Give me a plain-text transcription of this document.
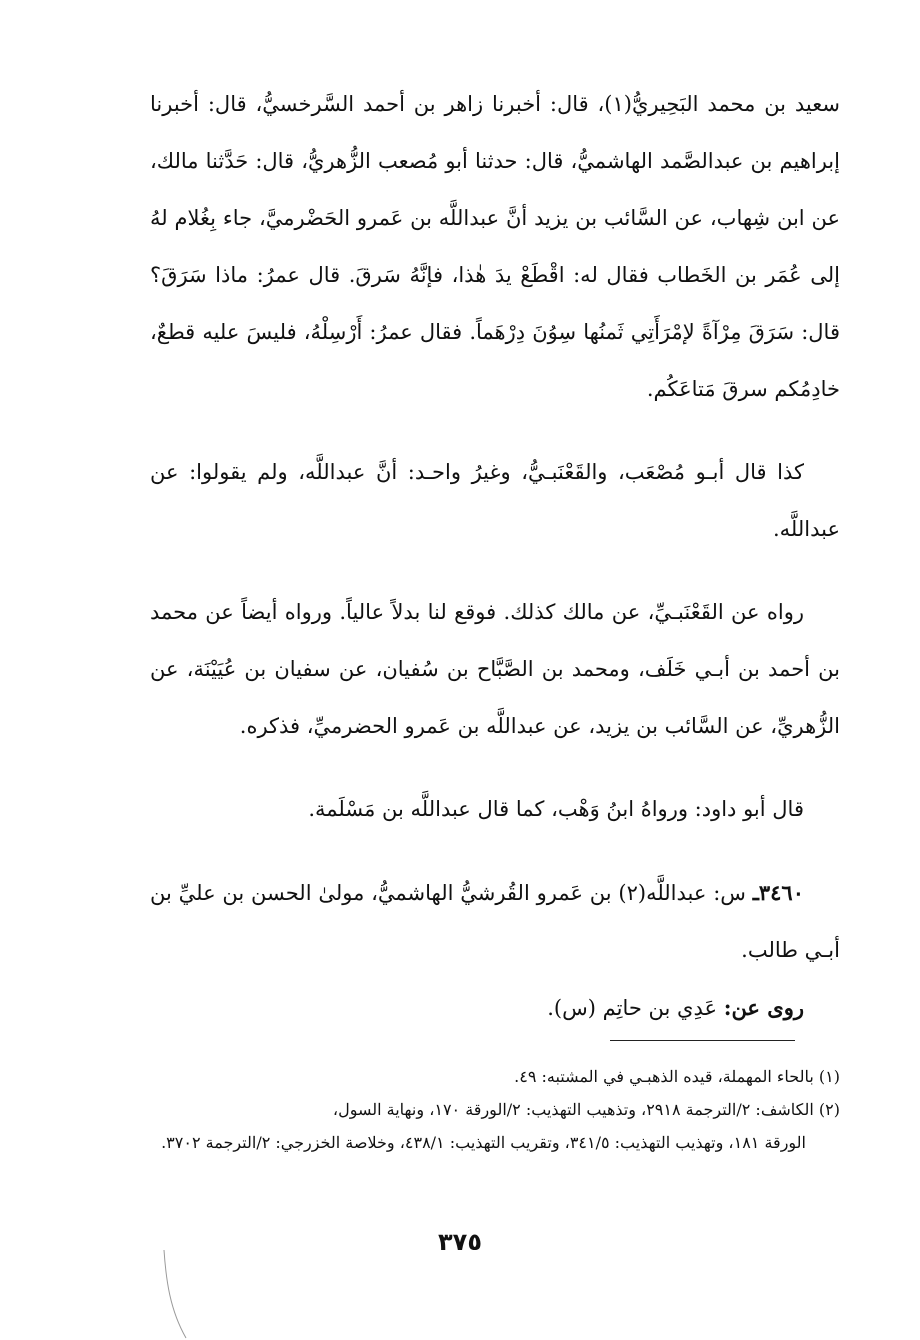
سعيد بن محمد البَحِيريُّ(١)، قال: أخبرنا زاهر بن أحمد السَّرخسيُّ، قال: أخبرنا إبراهيم بن عبدالصَّمد الهاشميُّ، قال: حدثنا أبو مُصعب الزُّهريُّ، قال: حَدَّثنا مالك، عن ابن شِهاب، عن السَّائب بن يزيد أنَّ عبداللَّه بن عَمرو الحَضْرميَّ، جاء بِغُلام لهُ إلى عُمَر بن الخَطاب فقال له: اقْطَعْ يدَ هٰذا، فإنَّهُ سَرقَ. قال عمرُ: ماذا سَرَقَ؟ قال: سَرَقَ مِرْآةً لإمْرَأَتِي ثَمنُها سِوُنَ دِرْهَماً. فقال عمرُ: أَرْسِلْهُ، فليسَ عليه قطعٌ، خادِمُكم سرقَ مَتاعَكُم.

كذا قال أبـو مُصْعَب، والقَعْنَبـيُّ، وغيرُ واحـد: أنَّ عبداللَّه، ولم يقولوا: عن عبداللَّه.

رواه عن القَعْنَبـيِّ، عن مالك كذلك. فوقع لنا بدلاً عالياً. ورواه أيضاً عن محمد بن أحمد بن أبـي خَلَف، ومحمد بن الصَّبَّاح بن سُفيان، عن سفيان بن عُيَيْنَة، عن الزُّهريِّ، عن السَّائب بن يزيد، عن عبداللَّه بن عَمرو الحضرميِّ، فذكره.

قال أبو داود: ورواهُ ابنُ وَهْب، كما قال عبداللَّه بن مَسْلَمة.

٣٤٦٠ـ س: عبداللَّه(٢) بن عَمرو القُرشيُّ الهاشميُّ، مولىٰ الحسن بن عليِّ بن أبـي طالب.

روى عن: عَدِي بن حاتِم (س).

(١) بالحاء المهملة، قيده الذهبـي في المشتبه: ٤٩.

(٢) الكاشف: ٢/الترجمة ٢٩١٨، وتذهيب التهذيب: ٢/الورقة ١٧٠، ونهاية السول،

الورقة ١٨١، وتهذيب التهذيب: ٣٤١/٥، وتقريب التهذيب: ٤٣٨/١، وخلاصة الخزرجي: ٢/الترجمة ٣٧٠٢.

٣٧٥
